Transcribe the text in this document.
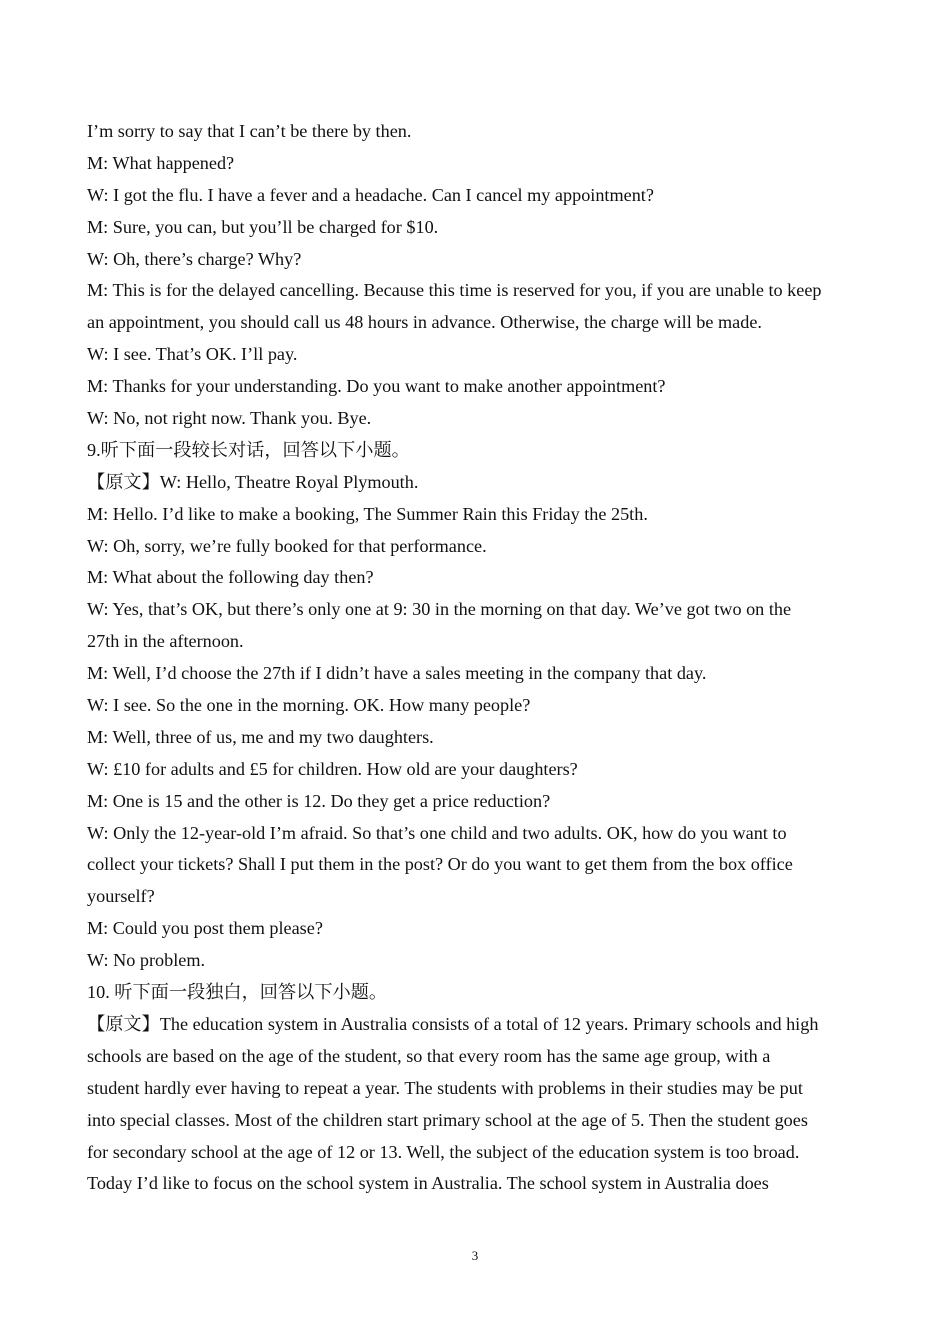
I’m sorry to say that I can’t be there by then.
M: What happened?
W: I got the flu. I have a fever and a headache. Can I cancel my appointment?
M: Sure, you can, but you’ll be charged for $10.
W: Oh, there’s charge? Why?
M: This is for the delayed cancelling. Because this time is reserved for you, if you are unable to keep
an appointment, you should call us 48 hours in advance. Otherwise, the charge will be made.
W: I see. That’s OK. I’ll pay.
M: Thanks for your understanding. Do you want to make another appointment?
W: No, not right now. Thank you. Bye.
9.听下面一段较长对话，回答以下小题。
【原文】W: Hello, Theatre Royal Plymouth.
M: Hello. I’d like to make a booking, The Summer Rain this Friday the 25th.
W: Oh, sorry, we’re fully booked for that performance.
M: What about the following day then?
W: Yes, that’s OK, but there’s only one at 9: 30 in the morning on that day. We’ve got two on the
27th in the afternoon.
M: Well, I’d choose the 27th if I didn’t have a sales meeting in the company that day.
W: I see. So the one in the morning. OK. How many people?
M: Well, three of us, me and my two daughters.
W: £10 for adults and £5 for children. How old are your daughters?
M: One is 15 and the other is 12. Do they get a price reduction?
W: Only the 12-year-old I’m afraid. So that’s one child and two adults. OK, how do you want to
collect your tickets? Shall I put them in the post? Or do you want to get them from the box office
yourself?
M: Could you post them please?
W: No problem.
10. 听下面一段独白，回答以下小题。
【原文】The education system in Australia consists of a total of 12 years. Primary schools and high
schools are based on the age of the student, so that every room has the same age group, with a
student hardly ever having to repeat a year. The students with problems in their studies may be put
into special classes. Most of the children start primary school at the age of 5. Then the student goes
for secondary school at the age of 12 or 13. Well, the subject of the education system is too broad.
Today I’d like to focus on the school system in Australia. The school system in Australia does
3
